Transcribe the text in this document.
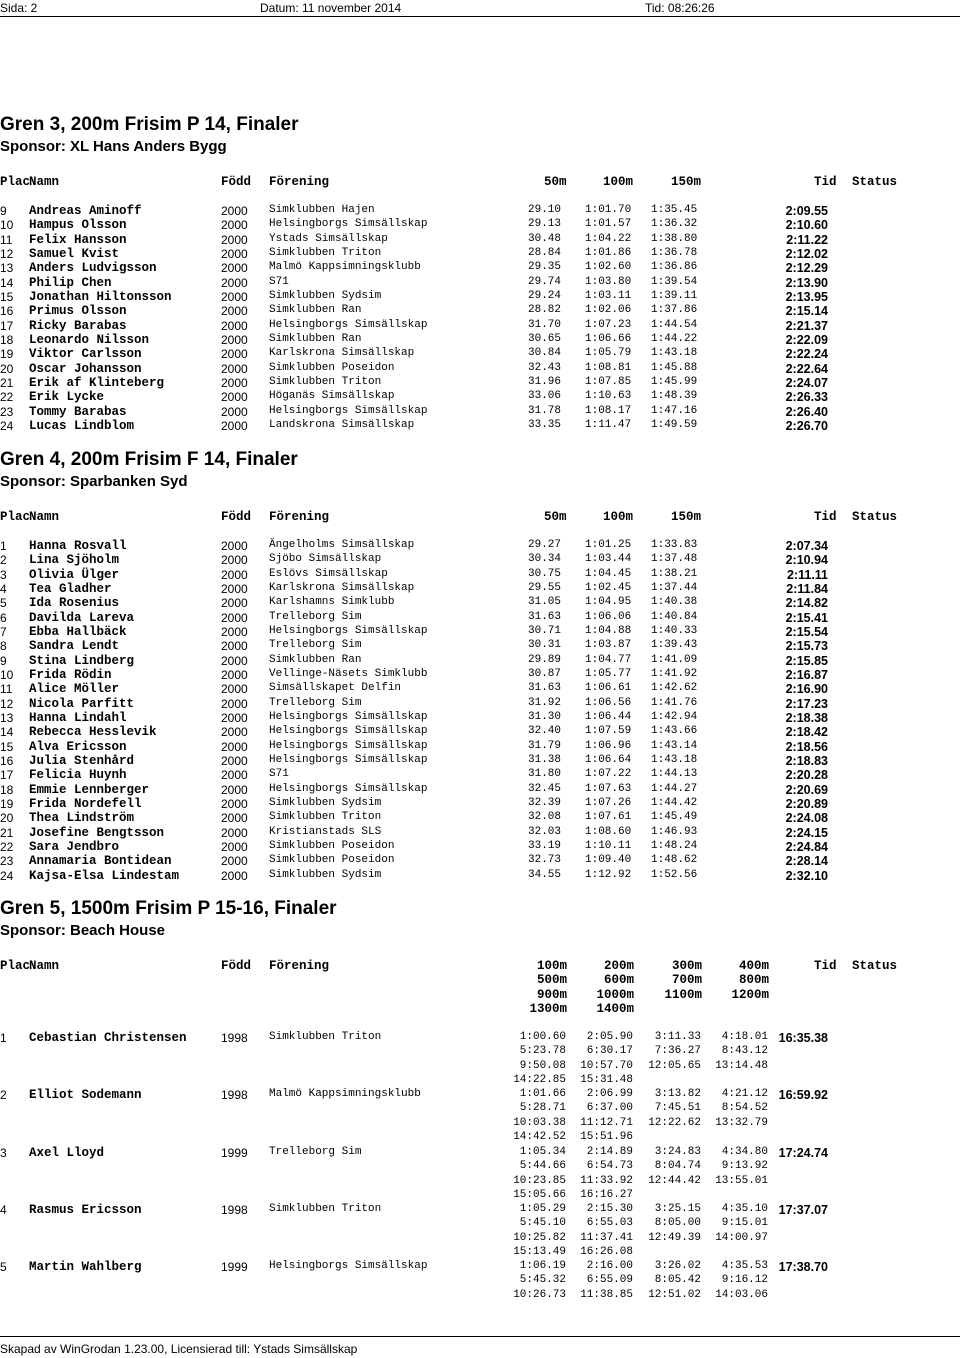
Sida: 2	Datum: 11 november 2014	Tid: 08:26:26
Gren 3, 200m Frisim P 14, Finaler
Sponsor: XL Hans Anders Bygg
Plac
Namn	Född Förening	50m	100m	150m	Tid Status
9 Andreas Aminoff	2000 Simklubben Hajen	29.10 1:01.70 1:35.45	2:09.55
10 Hampus Olsson	2000 Helsingborgs Simsällskap	29.13 1:01.57 1:36.32	2:10.60
11 Felix Hansson	2000 Ystads Simsällskap	30.48 1:04.22 1:38.80	2:11.22
12 Samuel Kvist	2000 Simklubben Triton	28.84 1:01.86 1:36.78	2:12.02
13 Anders Ludvigsson	2000 Malmö Kappsimningsklubb	29.35 1:02.60 1:36.86	2:12.29
14 Philip Chen	2000 S71	29.74 1:03.80 1:39.54	2:13.90
15 Jonathan Hiltonsson	2000 Simklubben Sydsim	29.24 1:03.11 1:39.11	2:13.95
16 Primus Olsson	2000 Simklubben Ran	28.82 1:02.06 1:37.86	2:15.14
17 Ricky Barabas	2000 Helsingborgs Simsällskap	31.70 1:07.23 1:44.54	2:21.37
18 Leonardo Nilsson	2000 Simklubben Ran	30.65 1:06.66 1:44.22	2:22.09
19 Viktor Carlsson	2000 Karlskrona Simsällskap	30.84 1:05.79 1:43.18	2:22.24
20 Oscar Johansson	2000 Simklubben Poseidon	32.43 1:08.81 1:45.88	2:22.64
21 Erik af Klinteberg	2000 Simklubben Triton	31.96 1:07.85 1:45.99	2:24.07
22 Erik Lycke	2000 Höganäs Simsällskap	33.06 1:10.63 1:48.39	2:26.33
23 Tommy Barabas	2000 Helsingborgs Simsällskap	31.78 1:08.17 1:47.16	2:26.40
24 Lucas Lindblom	2000 Landskrona Simsällskap	33.35 1:11.47 1:49.59	2:26.70
Gren 4, 200m Frisim F 14, Finaler
Sponsor: Sparbanken Syd
Plac
Namn	Född Förening	50m	100m	150m	Tid Status
1 Hanna Rosvall	2000 Ängelholms Simsällskap	29.27 1:01.25 1:33.83	2:07.34
2 Lina Sjöholm	2000 Sjöbo Simsällskap	30.34 1:03.44 1:37.48	2:10.94
3 Olivia Ülger	2000 Eslövs Simsällskap	30.75 1:04.45 1:38.21	2:11.11
4 Tea Gladher	2000 Karlskrona Simsällskap	29.55 1:02.45 1:37.44	2:11.84
5 Ida Rosenius	2000 Karlshamns Simklubb	31.05 1:04.95 1:40.38	2:14.82
6 Davilda Lareva	2000 Trelleborg Sim	31.63 1:06.06 1:40.84	2:15.41
7 Ebba Hallbäck	2000 Helsingborgs Simsällskap	30.71 1:04.88 1:40.33	2:15.54
8 Sandra Lendt	2000 Trelleborg Sim	30.31 1:03.87 1:39.43	2:15.73
9 Stina Lindberg	2000 Simklubben Ran	29.89 1:04.77 1:41.09	2:15.85
10 Frida Rödin	2000 Vellinge-Näsets Simklubb	30.87 1:05.77 1:41.92	2:16.87
11 Alice Möller	2000 Simsällskapet Delfin	31.63 1:06.61 1:42.62	2:16.90
12 Nicola Parfitt	2000 Trelleborg Sim	31.92 1:06.56 1:41.76	2:17.23
13 Hanna Lindahl	2000 Helsingborgs Simsällskap	31.30 1:06.44 1:42.94	2:18.38
14 Rebecca Hesslevik	2000 Helsingborgs Simsällskap	32.40 1:07.59 1:43.66	2:18.42
15 Alva Ericsson	2000 Helsingborgs Simsällskap	31.79 1:06.96 1:43.14	2:18.56
16 Julia Stenhård	2000 Helsingborgs Simsällskap	31.38 1:06.64 1:43.18	2:18.83
17 Felicia Huynh	2000 S71	31.80 1:07.22 1:44.13	2:20.28
18 Emmie Lennberger	2000 Helsingborgs Simsällskap	32.45 1:07.63 1:44.27	2:20.69
19 Frida Nordefell	2000 Simklubben Sydsim	32.39 1:07.26 1:44.42	2:20.89
20 Thea Lindström	2000 Simklubben Triton	32.08 1:07.61 1:45.49	2:24.08
21 Josefine Bengtsson	2000 Kristianstads SLS	32.03 1:08.60 1:46.93	2:24.15
22 Sara Jendbro	2000 Simklubben Poseidon	33.19 1:10.11 1:48.24	2:24.84
23 Annamaria Bontidean	2000 Simklubben Poseidon	32.73 1:09.40 1:48.62	2:28.14
24 Kajsa-Elsa Lindestam	2000 Simklubben Sydsim	34.55 1:12.92 1:52.56	2:32.10
Gren 5, 1500m Frisim P 15-16, Finaler
Sponsor: Beach House
Plac
Namn	Född Förening	Tid Status
100m	200m	300m	400m
500m	600m	700m	800m
900m 1000m 1100m 1200m
1300m 1400m
1 Cebastian Christensen	1998 Simklubben Triton	1:00.60 2:05.90 3:11.33 4:18.01
5:23.78 6:30.17 7:36.27 8:43.12
9:50.08 10:57.70 12:05.65 13:14.48
14:22.85 15:31.48
16:35.38
2 Elliot Sodemann	1998 Malmö Kappsimningsklubb	1:01.66 2:06.99 3:13.82 4:21.12
5:28.71 6:37.00 7:45.51 8:54.52
10:03.38 11:12.71 12:22.62 13:32.79
14:42.52 15:51.96
16:59.92
3 Axel Lloyd	1999 Trelleborg Sim	1:05.34 2:14.89 3:24.83 4:34.80
5:44.66 6:54.73 8:04.74 9:13.92
10:23.85 11:33.92 12:44.42 13:55.01
15:05.66 16:16.27
17:24.74
4 Rasmus Ericsson	1998 Simklubben Triton	1:05.29 2:15.30 3:25.15 4:35.10
5:45.10 6:55.03 8:05.00 9:15.01
10:25.82 11:37.41 12:49.39 14:00.97
15:13.49 16:26.08
17:37.07
5 Martin Wahlberg	1999 Helsingborgs Simsällskap	1:06.19 2:16.00 3:26.02 4:35.53
5:45.32 6:55.09 8:05.42 9:16.12
10:26.73 11:38.85 12:51.02 14:03.06
17:38.70
Skapad av WinGrodan 1.23.00, Licensierad till: Ystads Simsällskap
